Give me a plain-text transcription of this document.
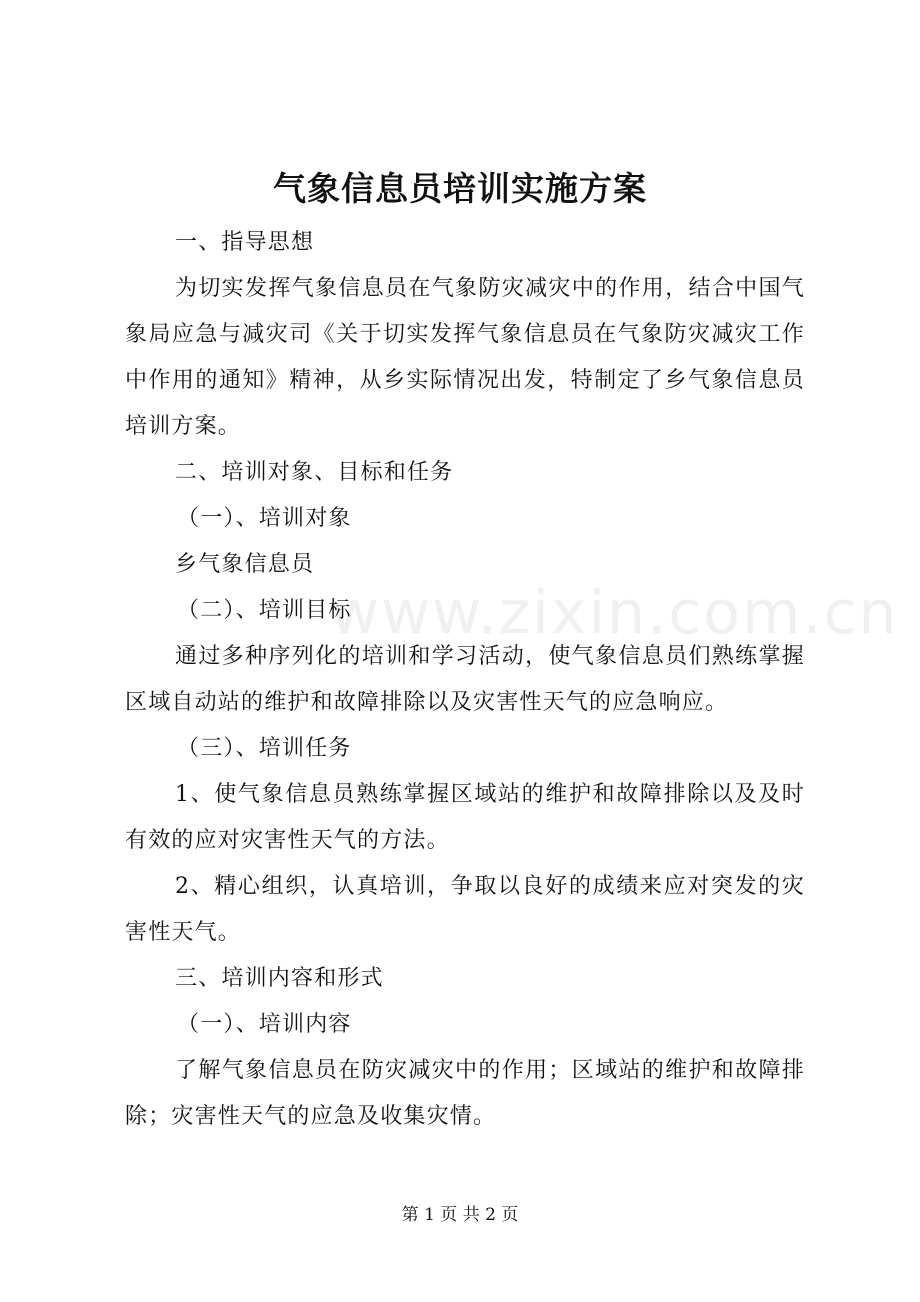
www.zixin.com.cn
气象信息员培训实施方案

一、指导思想

为切实发挥气象信息员在气象防灾减灾中的作用，结合中国气象局应急与减灾司《关于切实发挥气象信息员在气象防灾减灾工作中作用的通知》精神，从乡实际情况出发，特制定了乡气象信息员培训方案。

二、培训对象、目标和任务

（一）、培训对象

乡气象信息员

（二）、培训目标

通过多种序列化的培训和学习活动，使气象信息员们熟练掌握区域自动站的维护和故障排除以及灾害性天气的应急响应。

（三）、培训任务

1、使气象信息员熟练掌握区域站的维护和故障排除以及及时有效的应对灾害性天气的方法。

2、精心组织，认真培训，争取以良好的成绩来应对突发的灾害性天气。

三、培训内容和形式

（一）、培训内容

了解气象信息员在防灾减灾中的作用；区域站的维护和故障排除；灾害性天气的应急及收集灾情。

第 1 页 共 2 页
